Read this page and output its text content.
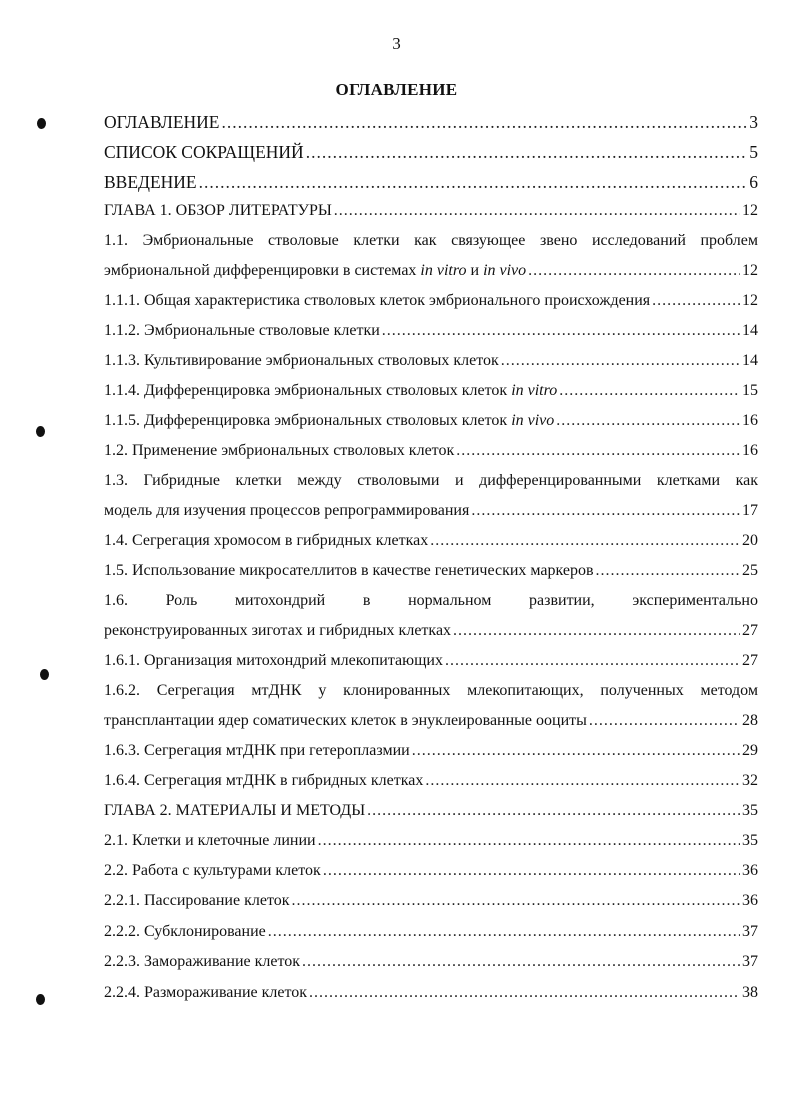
3
ОГЛАВЛЕНИЕ
ОГЛАВЛЕНИЕ .....	3
СПИСОК СОКРАЩЕНИЙ .....	5
ВВЕДЕНИЕ .....	6
ГЛАВА 1. ОБЗОР ЛИТЕРАТУРЫ .....	12
1.1. Эмбриональные стволовые клетки как связующее звено исследований проблем
эмбриональной дифференцировки в системах in vitro и in vivo .....	12
1.1.1. Общая характеристика стволовых клеток эмбрионального происхождения .....	12
1.1.2. Эмбриональные стволовые клетки .....	14
1.1.3. Культивирование эмбриональных стволовых клеток .....	14
1.1.4. Дифференцировка эмбриональных стволовых клеток in vitro .....	15
1.1.5. Дифференцировка эмбриональных стволовых клеток in vivo .....	16
1.2. Применение эмбриональных стволовых клеток .....	16
1.3. Гибридные клетки между стволовыми и дифференцированными клетками как
модель для изучения процессов репрограммирования .....	17
1.4. Сегрегация хромосом в гибридных клетках .....	20
1.5. Использование микросателлитов в качестве генетических маркеров .....	25
1.6. Роль митохондрий в нормальном развитии, экспериментально
реконструированных зиготах и гибридных клетках .....	27
1.6.1. Организация митохондрий млекопитающих .....	27
1.6.2. Сегрегация мтДНК у клонированных млекопитающих, полученных методом
трансплантации ядер соматических клеток в энуклеированные ооциты .....	28
1.6.3. Сегрегация мтДНК при гетероплазмии .....	29
1.6.4. Сегрегация мтДНК в гибридных клетках .....	32
ГЛАВА 2. МАТЕРИАЛЫ И МЕТОДЫ .....	35
2.1. Клетки и клеточные линии .....	35
2.2. Работа с культурами клеток .....	36
2.2.1. Пассирование клеток .....	36
2.2.2. Субклонирование .....	37
2.2.3. Замораживание клеток .....	37
2.2.4. Размораживание клеток .....	38
